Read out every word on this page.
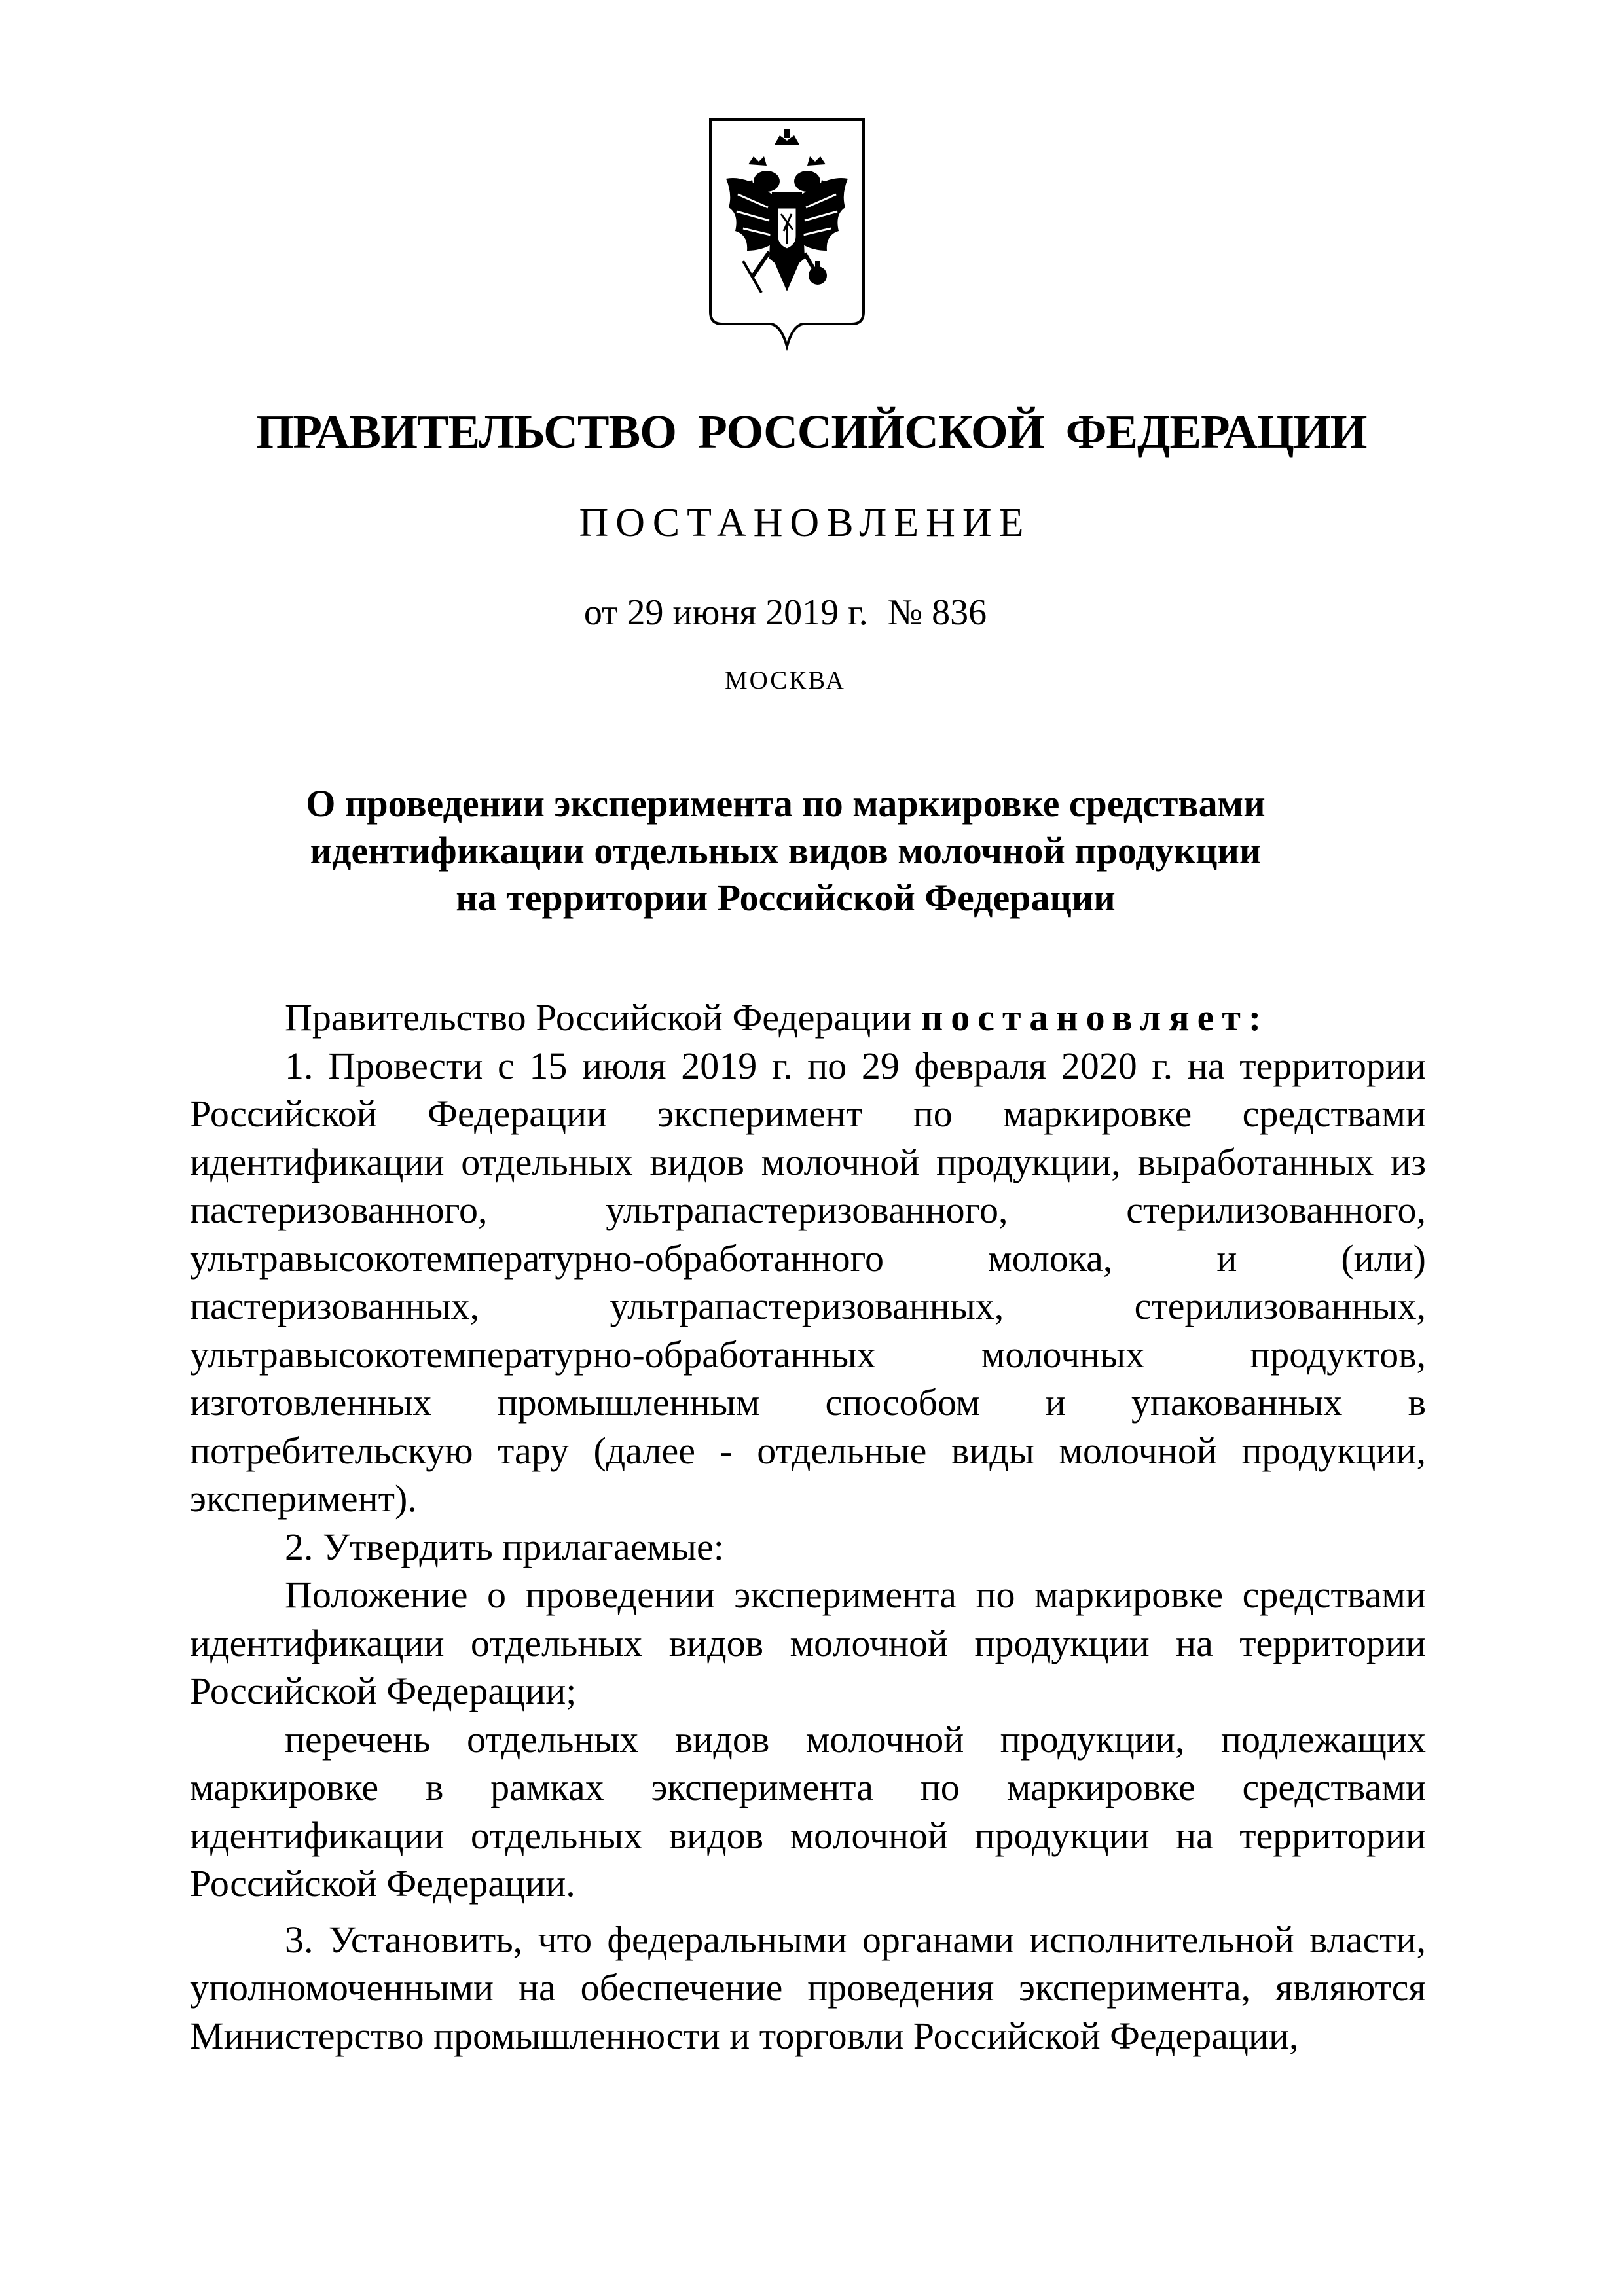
ПРАВИТЕЛЬСТВО РОССИЙСКОЙ ФЕДЕРАЦИИ
ПОСТАНОВЛЕНИЕ
от 29 июня 2019 г. № 836
МОСКВА
О проведении эксперимента по маркировке средствами
идентификации отдельных видов молочной продукции
на территории Российской Федерации

Правительство Российской Федерации постановляет:

1. Провести с 15 июля 2019 г. по 29 февраля 2020 г. на территории Российской Федерации эксперимент по маркировке средствами идентификации отдельных видов молочной продукции, выработанных из пастеризованного, ультрапастеризованного, стерилизованного, ультравысокотемпературно-обработанного молока, и (или) пастеризованных, ультрапастеризованных, стерилизованных, ультравысокотемпературно-обработанных молочных продуктов, изготовленных промышленным способом и упакованных в потребительскую тару (далее - отдельные виды молочной продукции, эксперимент).

2. Утвердить прилагаемые:

Положение о проведении эксперимента по маркировке средствами идентификации отдельных видов молочной продукции на территории Российской Федерации;

перечень отдельных видов молочной продукции, подлежащих маркировке в рамках эксперимента по маркировке средствами идентификации отдельных видов молочной продукции на территории Российской Федерации.

3. Установить, что федеральными органами исполнительной власти, уполномоченными на обеспечение проведения эксперимента, являются Министерство промышленности и торговли Российской Федерации,
